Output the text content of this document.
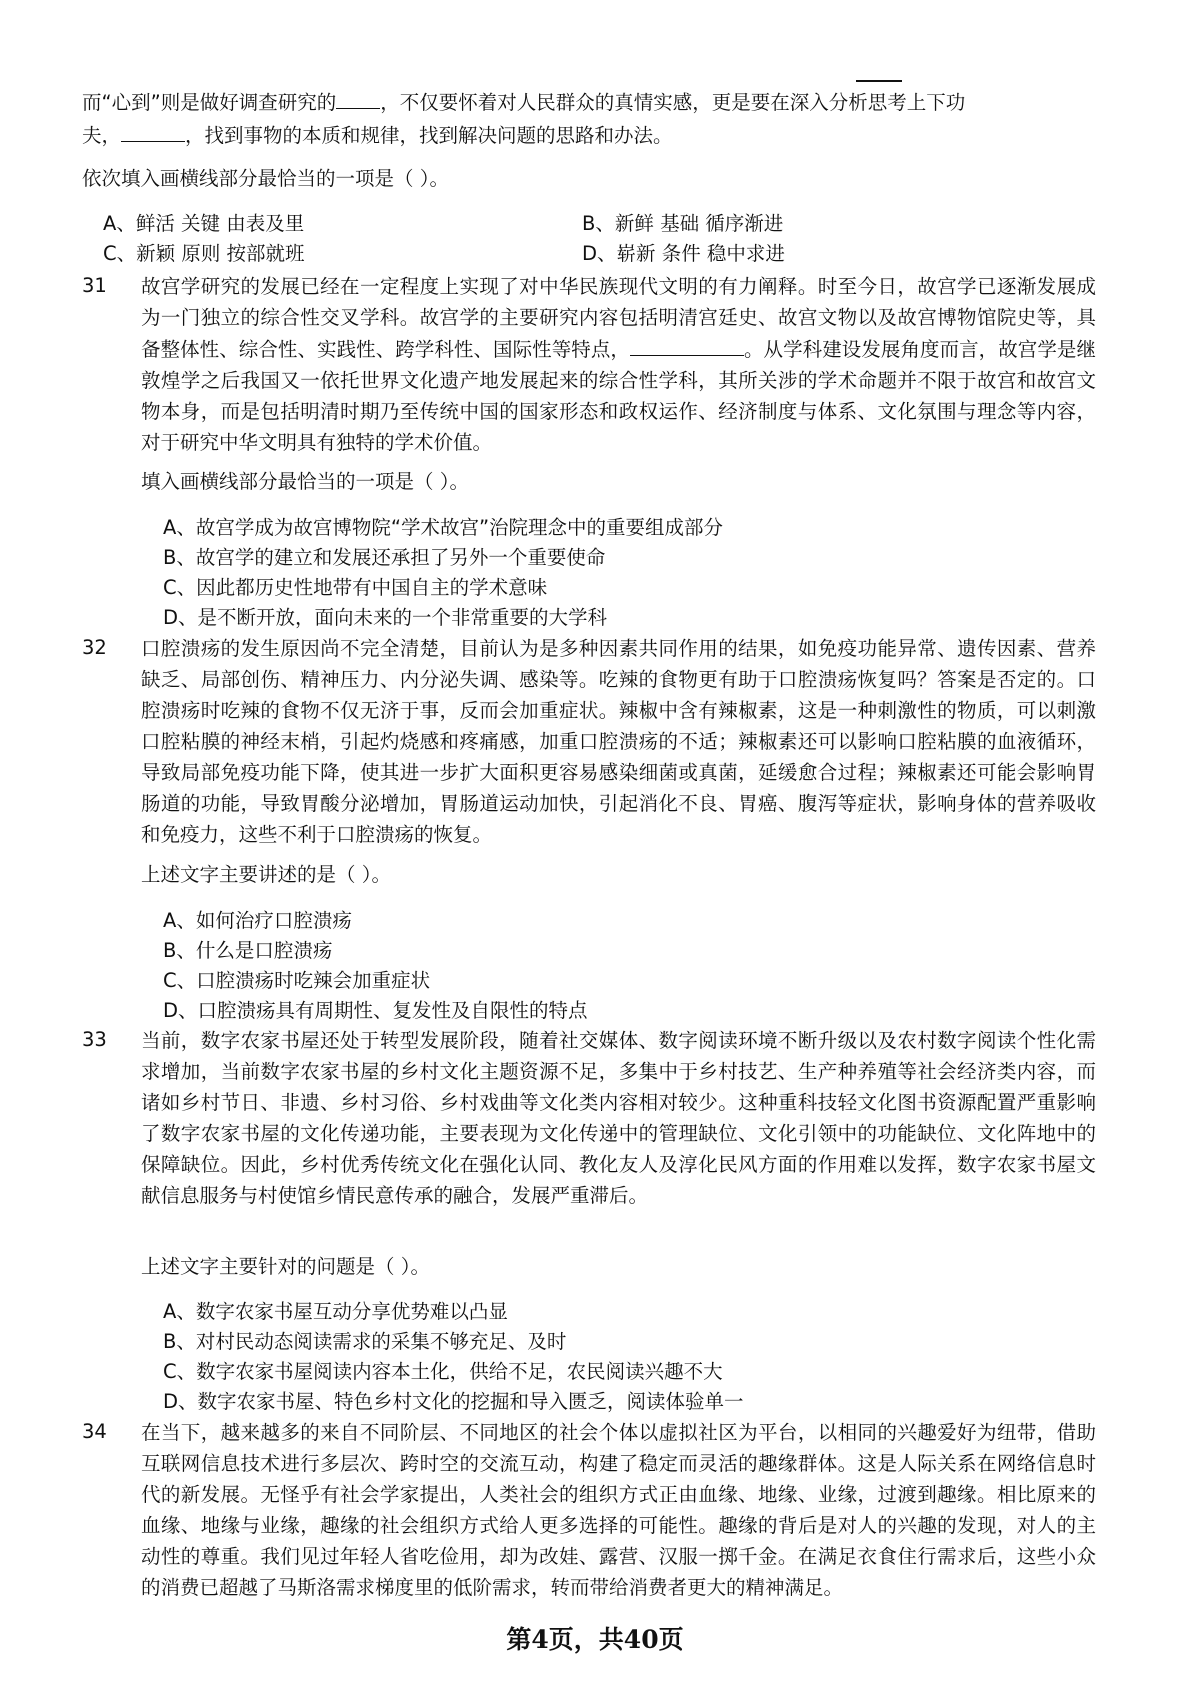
而“心到”则是做好调查研究的 ，不仅要怀着对人民群众的真情实感，更是要在深入分析思考上下功
夫，	，找到事物的本质和规律，找到解决问题的思路和办法。
依次填入画横线部分最恰当的一项是（ ）。
A、鲜活 关键 由表及里	B、新鲜 基础 循序渐进
C、新颖 原则 按部就班	D、崭新 条件 稳中求进
31 故宫学研究的发展已经在一定程度上实现了对中华民族现代文明的有力阐释。时至今日，故宫学已逐渐发展成为一门独立的综合性交叉学科。故宫学的主要研究内容包括明清宫廷史、故宫文物以及故宫博物馆院史等，具备整体性、综合性、实践性、跨学科性、国际性等特点，	。从学科建设发展角度而言，故宫学是继敦煌学之后我国又一依托世界文化遗产地发展起来的综合性学科，其所关涉的学术命题并不限于故宫和故宫文物本身，而是包括明清时期乃至传统中国的国家形态和政权运作、经济制度与体系、文化氛围与理念等内容，对于研究中华文明具有独特的学术价值。
填入画横线部分最恰当的一项是（ ）。
A、故宫学成为故宫博物院“学术故宫”治院理念中的重要组成部分
B、故宫学的建立和发展还承担了另外一个重要使命
C、因此都历史性地带有中国自主的学术意味
D、是不断开放，面向未来的一个非常重要的大学科
32 口腔溃疡的发生原因尚不完全清楚，目前认为是多种因素共同作用的结果，如免疫功能异常、遗传因素、营养缺乏、局部创伤、精神压力、内分泌失调、感染等。吃辣的食物更有助于口腔溃疡恢复吗？答案是否定的。口腔溃疡时吃辣的食物不仅无济于事，反而会加重症状。辣椒中含有辣椒素，这是一种刺激性的物质，可以刺激口腔粘膜的神经末梢，引起灼烧感和疼痛感，加重口腔溃疡的不适；辣椒素还可以影响口腔粘膜的血液循环，导致局部免疫功能下降，使其进一步扩大面积更容易感染细菌或真菌，延缓愈合过程；辣椒素还可能会影响胃肠道的功能，导致胃酸分泌增加，胃肠道运动加快，引起消化不良、胃癌、腹泻等症状，影响身体的营养吸收和免疫力，这些不利于口腔溃疡的恢复。
上述文字主要讲述的是（ ）。
A、如何治疗口腔溃疡
B、什么是口腔溃疡
C、口腔溃疡时吃辣会加重症状
D、口腔溃疡具有周期性、复发性及自限性的特点
33 当前，数字农家书屋还处于转型发展阶段，随着社交媒体、数字阅读环境不断升级以及农村数字阅读个性化需求增加，当前数字农家书屋的乡村文化主题资源不足，多集中于乡村技艺、生产种养殖等社会经济类内容，而诸如乡村节日、非遗、乡村习俗、乡村戏曲等文化类内容相对较少。这种重科技轻文化图书资源配置严重影响了数字农家书屋的文化传递功能，主要表现为文化传递中的管理缺位、文化引领中的功能缺位、文化阵地中的保障缺位。因此，乡村优秀传统文化在强化认同、教化友人及淳化民风方面的作用难以发挥，数字农家书屋文献信息服务与村使馆乡情民意传承的融合，发展严重滞后。
上述文字主要针对的问题是（ ）。
A、数字农家书屋互动分享优势难以凸显
B、对村民动态阅读需求的采集不够充足、及时
C、数字农家书屋阅读内容本土化，供给不足，农民阅读兴趣不大
D、数字农家书屋、特色乡村文化的挖掘和导入匮乏，阅读体验单一
34 在当下，越来越多的来自不同阶层、不同地区的社会个体以虚拟社区为平台，以相同的兴趣爱好为纽带，借助互联网信息技术进行多层次、跨时空的交流互动，构建了稳定而灵活的趣缘群体。这是人际关系在网络信息时代的新发展。无怪乎有社会学家提出，人类社会的组织方式正由血缘、地缘、业缘，过渡到趣缘。相比原来的血缘、地缘与业缘，趣缘的社会组织方式给人更多选择的可能性。趣缘的背后是对人的兴趣的发现，对人的主动性的尊重。我们见过年轻人省吃俭用，却为改娃、露营、汉服一掷千金。在满足衣食住行需求后，这些小众的消费已超越了马斯洛需求梯度里的低阶需求，转而带给消费者更大的精神满足。
第4页，共40页
